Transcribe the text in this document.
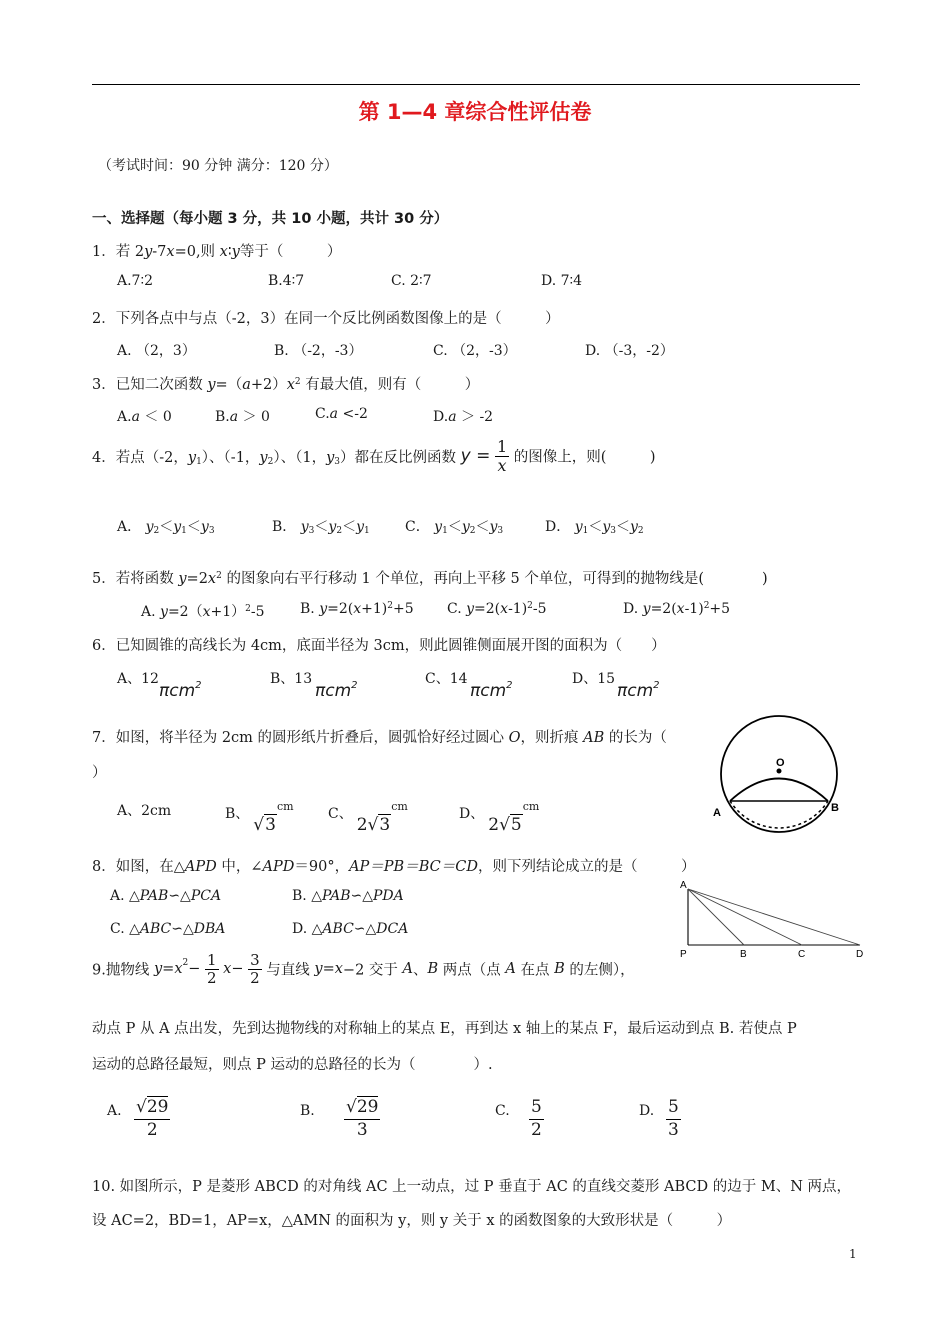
第 1—4 章综合性评估卷
（考试时间：90 分钟 满分：120 分）
一、选择题（每小题 3 分，共 10 小题，共计 30 分）
1．若 2y-7x=0,则 x∶y等于（　　　）
A.7∶2	B.4∶7	C. 2∶7	D. 7∶4
2．下列各点中与点（-2，3）在同一个反比例函数图像上的是（　　　）
A. （2，3）	B. （-2，-3）	C. （2，-3）	D. （-3，-2）
3．已知二次函数 $y=(a+2)x^2$ 有最大值，则有（　　　）
A.a ＜ 0	B.a ＞ 0	C.a <-2	D.a ＞ -2
4．若点（-2，$y_1$）、（-1，$y_2$）、（1，$y_3$）都在反比例函数 $y = \frac{1}{x}$ 的图像上，则(　　　)
A． $y_2<y_1<y_3$	B． $y_3<y_2<y_1$	C． $y_1<y_2<y_3$	D． $y_1<y_3<y_2$
5．若将函数 $y=2x^2$ 的图象向右平行移动 1 个单位，再向上平移 5 个单位，可得到的抛物线是(　　　　)
A. $y=2(x+1)^2-5$	B. $y=2(x+1)^2+5$ C. $y=2(x-1)^2-5$	D. $y=2(x-1)^2+5$
6．已知圆锥的高线长为 4cm，底面半径为 3cm，则此圆锥侧面展开图的面积为（　　）
A、12
πcm$^2$	B、13
πcm$^2$	C、14
πcm$^2$	D、15
πcm$^2$
7．如图，将半径为 2cm 的圆形纸片折叠后，圆弧恰好经过圆心 O，则折痕 AB 的长为（
）
A、2cm	B、$√3^{cm}$ C、$2√3^{cm}$	D、$2√5^{cm}$
O
A	B
8．如图，在△APD 中，∠APD＝90°，AP＝PB＝BC＝CD，则下列结论成立的是（　　　）
A. △PAB∽△PCA	B. △PAB∽△PDA
C. △ABC∽△DBA	D. △ABC∽△DCA
A
P	B	C	D
9.抛物线 $y=x^2- \frac{1}{2} x- \frac{3}{2}$ 与直线 y=x−2 交于 A、B 两点（点 A 在点 B 的左侧），
动点 P 从 A 点出发，先到达抛物线的对称轴上的某点 E，再到达 x 轴上的某点 F，最后运动到点 B. 若使点 P
运动的总路径最短，则点 P 运动的总路径的长为（　　　　）.
A. √29
2
B. √29
3
C. 5
2
D. 5
3
10. 如图所示，P 是菱形 ABCD 的对角线 AC 上一动点，过 P 垂直于 AC 的直线交菱形 ABCD 的边于 M、N 两点，
设 AC=2，BD=1，AP=x，△AMN 的面积为 y，则 y 关于 x 的函数图象的大致形状是（　　　）
1
